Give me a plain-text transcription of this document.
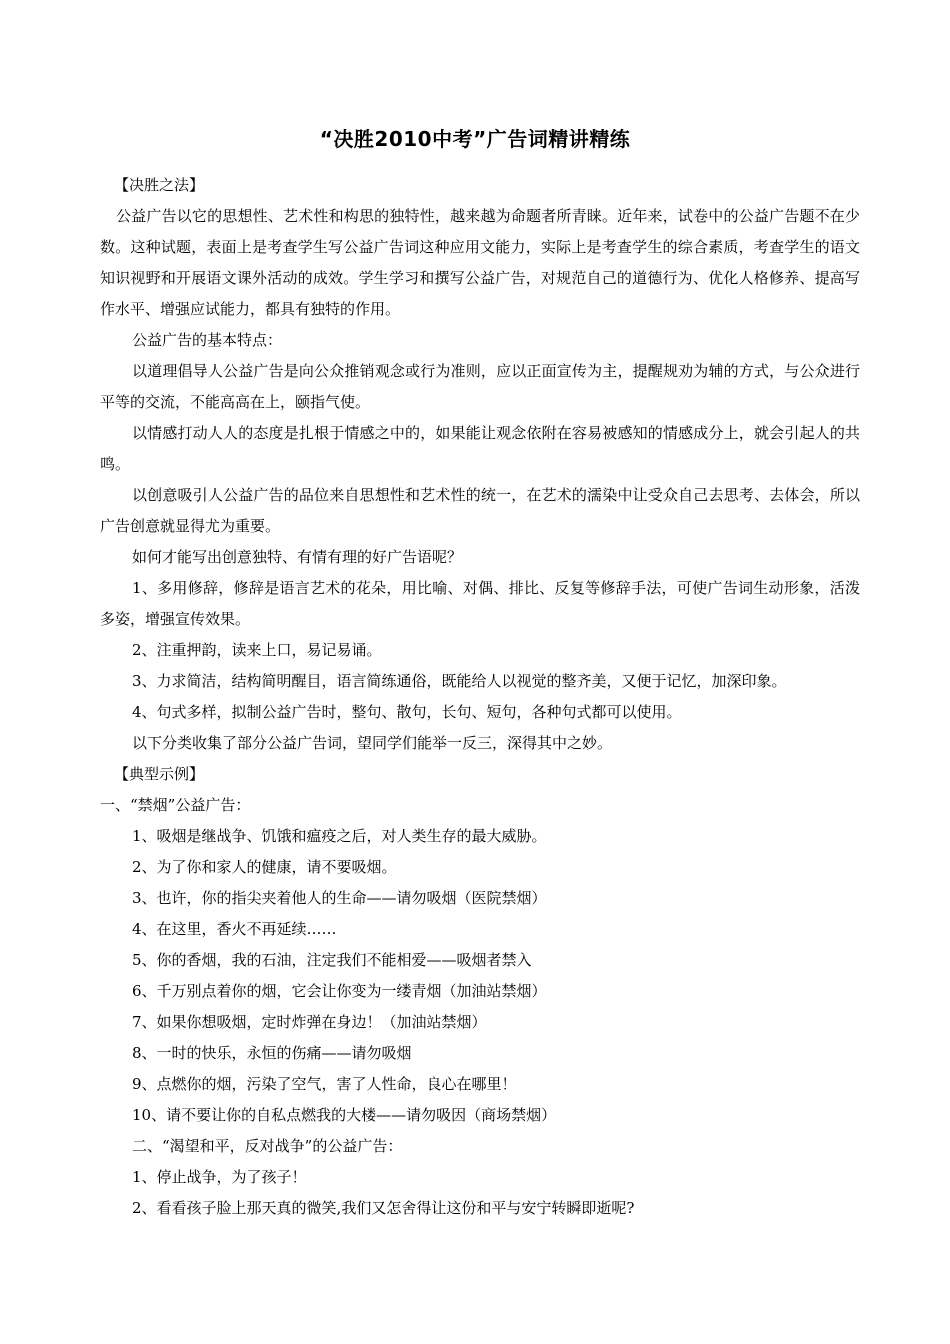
“决胜2010中考”广告词精讲精练

【决胜之法】

公益广告以它的思想性、艺术性和构思的独特性，越来越为命题者所青睐。近年来，试卷中的公益广告题不在少数。这种试题，表面上是考查学生写公益广告词这种应用文能力，实际上是考查学生的综合素质，考查学生的语文知识视野和开展语文课外活动的成效。学生学习和撰写公益广告，对规范自己的道德行为、优化人格修养、提高写作水平、增强应试能力，都具有独特的作用。

公益广告的基本特点：

以道理倡导人公益广告是向公众推销观念或行为准则，应以正面宣传为主，提醒规劝为辅的方式，与公众进行平等的交流，不能高高在上，颐指气使。

以情感打动人人的态度是扎根于情感之中的，如果能让观念依附在容易被感知的情感成分上，就会引起人的共鸣。

以创意吸引人公益广告的品位来自思想性和艺术性的统一，在艺术的濡染中让受众自己去思考、去体会，所以广告创意就显得尤为重要。

如何才能写出创意独特、有情有理的好广告语呢？

1、多用修辞，修辞是语言艺术的花朵，用比喻、对偶、排比、反复等修辞手法，可使广告词生动形象，活泼多姿，增强宣传效果。

2、注重押韵，读来上口，易记易诵。

3、力求简洁，结构简明醒目，语言简练通俗，既能给人以视觉的整齐美，又便于记忆，加深印象。

4、句式多样，拟制公益广告时，整句、散句，长句、短句，各种句式都可以使用。

以下分类收集了部分公益广告词，望同学们能举一反三，深得其中之妙。

【典型示例】

一、“禁烟”公益广告：

1、吸烟是继战争、饥饿和瘟疫之后，对人类生存的最大威胁。

2、为了你和家人的健康，请不要吸烟。

3、也许，你的指尖夹着他人的生命——请勿吸烟（医院禁烟）

4、在这里，香火不再延续……

5、你的香烟，我的石油，注定我们不能相爱——吸烟者禁入

6、千万别点着你的烟，它会让你变为一缕青烟（加油站禁烟）

7、如果你想吸烟，定时炸弹在身边！（加油站禁烟）

8、一时的快乐，永恒的伤痛——请勿吸烟

9、点燃你的烟，污染了空气，害了人性命，良心在哪里！

10、请不要让你的自私点燃我的大楼——请勿吸因（商场禁烟）

二、“渴望和平，反对战争”的公益广告：

1、停止战争，为了孩子！

2、看看孩子脸上那天真的微笑,我们又怎舍得让这份和平与安宁转瞬即逝呢?
